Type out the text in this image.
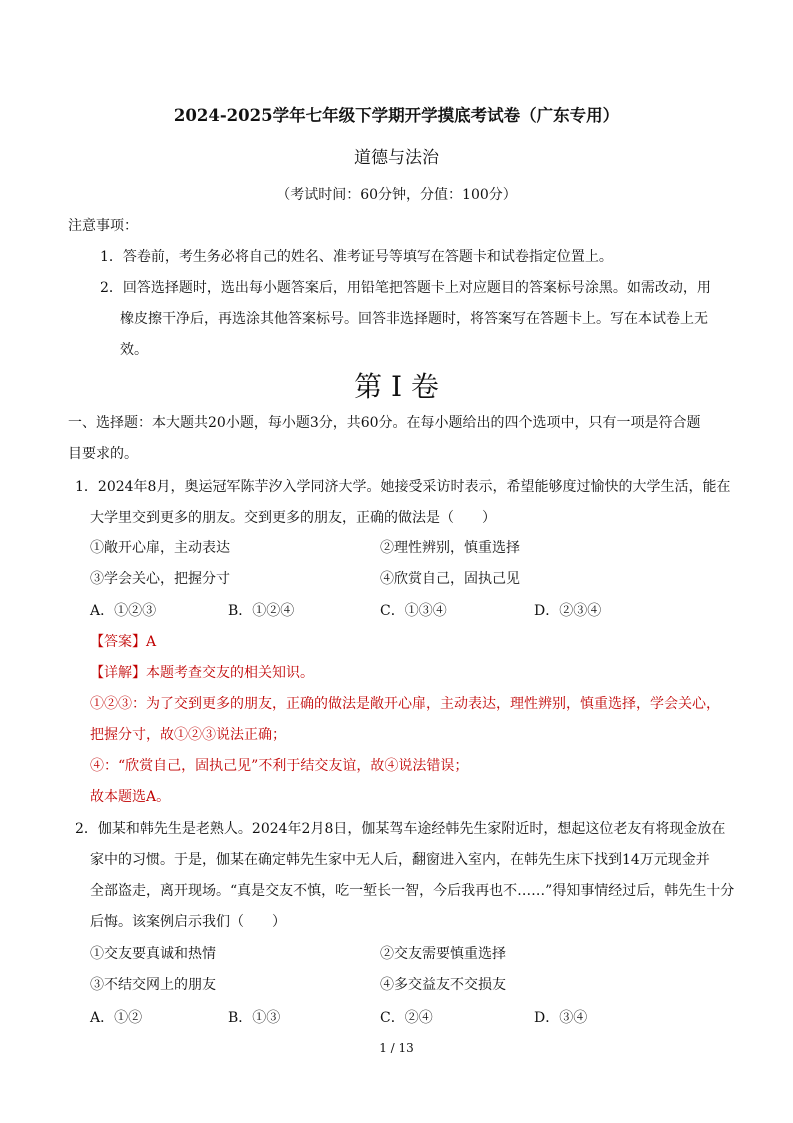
2024-2025学年七年级下学期开学摸底考试卷（广东专用）
道德与法治
（考试时间：60分钟，分值：100分）
注意事项：
1．答卷前，考生务必将自己的姓名、准考证号等填写在答题卡和试卷指定位置上。
2．回答选择题时，选出每小题答案后，用铅笔把答题卡上对应题目的答案标号涂黑。如需改动，用
橡皮擦干净后，再选涂其他答案标号。回答非选择题时，将答案写在答题卡上。写在本试卷上无
效。
第 I 卷
一、选择题：本大题共20小题，每小题3分，共60分。在每小题给出的四个选项中，只有一项是符合题
目要求的。
1．2024年8月，奥运冠军陈芋汐入学同济大学。她接受采访时表示，希望能够度过愉快的大学生活，能在
大学里交到更多的朋友。交到更多的朋友，正确的做法是（　　）
①敞开心扉，主动表达	②理性辨别，慎重选择
③学会关心，把握分寸	④欣赏自己，固执己见
A．①②③	B．①②④	C．①③④	D．②③④
【答案】A
【详解】本题考查交友的相关知识。
①②③：为了交到更多的朋友，正确的做法是敞开心扉，主动表达，理性辨别，慎重选择，学会关心，
把握分寸，故①②③说法正确；
④：“欣赏自己，固执己见”不利于结交友谊，故④说法错误；
故本题选A。
2．伽某和韩先生是老熟人。2024年2月8日，伽某驾车途经韩先生家附近时，想起这位老友有将现金放在
家中的习惯。于是，伽某在确定韩先生家中无人后，翻窗进入室内，在韩先生床下找到14万元现金并
全部盗走，离开现场。“真是交友不慎，吃一堑长一智，今后我再也不……”得知事情经过后，韩先生十分
后悔。该案例启示我们（　　）
①交友要真诚和热情	②交友需要慎重选择
③不结交网上的朋友	④多交益友不交损友
A．①②	B．①③	C．②④	D．③④
1 / 13
